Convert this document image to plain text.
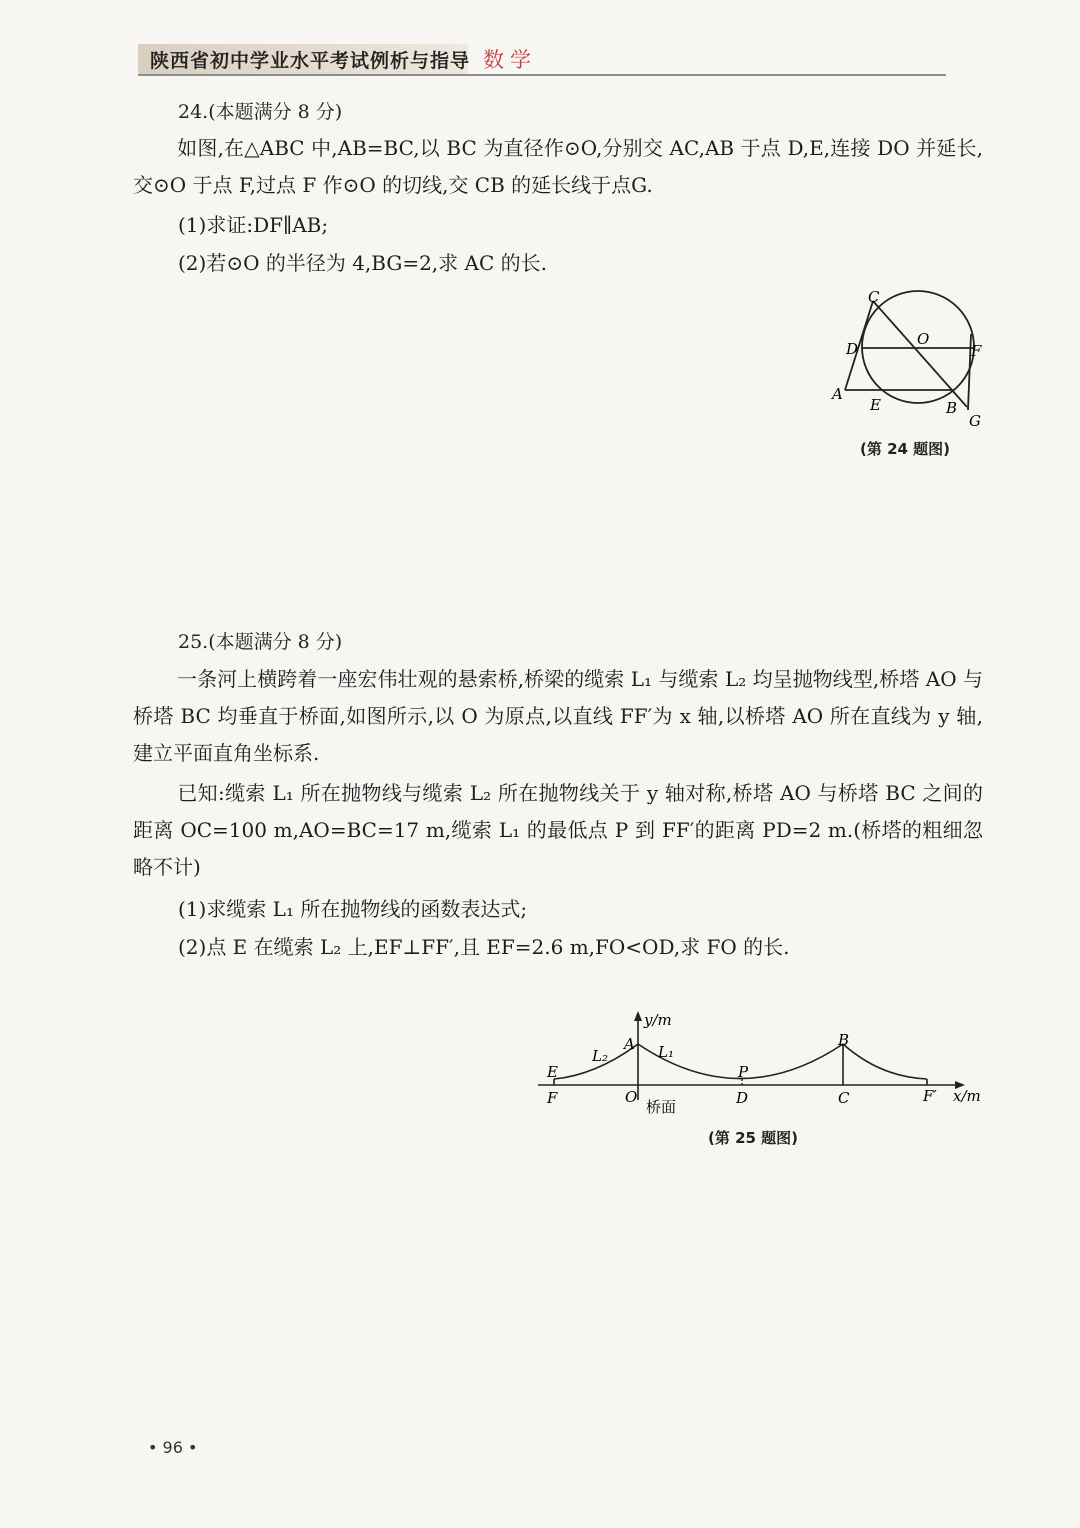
陕西省初中学业水平考试例析与指导 数学
24.(本题满分 8 分)
如图,在△ABC 中,AB=BC,以 BC 为直径作⊙O,分别交 AC,AB 于点 D,E,连接 DO 并延长,交⊙O 于点 F,过点 F 作⊙O 的切线,交 CB 的延长线于点G.
(1)求证:DF∥AB;
(2)若⊙O 的半径为 4,BG=2,求 AC 的长.
C
O
D	F
A
E	B
G
(第 24 题图)
25.(本题满分 8 分)
一条河上横跨着一座宏伟壮观的悬索桥,桥梁的缆索 L₁ 与缆索 L₂ 均呈抛物线型,桥塔 AO 与桥塔 BC 均垂直于桥面,如图所示,以 O 为原点,以直线 FF′为 x 轴,以桥塔 AO 所在直线为 y 轴,建立平面直角坐标系.
已知:缆索 L₁ 所在抛物线与缆索 L₂ 所在抛物线关于 y 轴对称,桥塔 AO 与桥塔 BC 之间的距离 OC=100 m,AO=BC=17 m,缆索 L₁ 的最低点 P 到 FF′的距离 PD=2 m.(桥塔的粗细忽略不计)
(1)求缆索 L₁ 所在抛物线的函数表达式;
(2)点 E 在缆索 L₂ 上,EF⊥FF′,且 EF=2.6 m,FO<OD,求 FO 的长.
y/m
x/m
A	B
C
D
E
F	F′
O
P
L₁
L₂
桥面
(第 25 题图)
• 96 •
